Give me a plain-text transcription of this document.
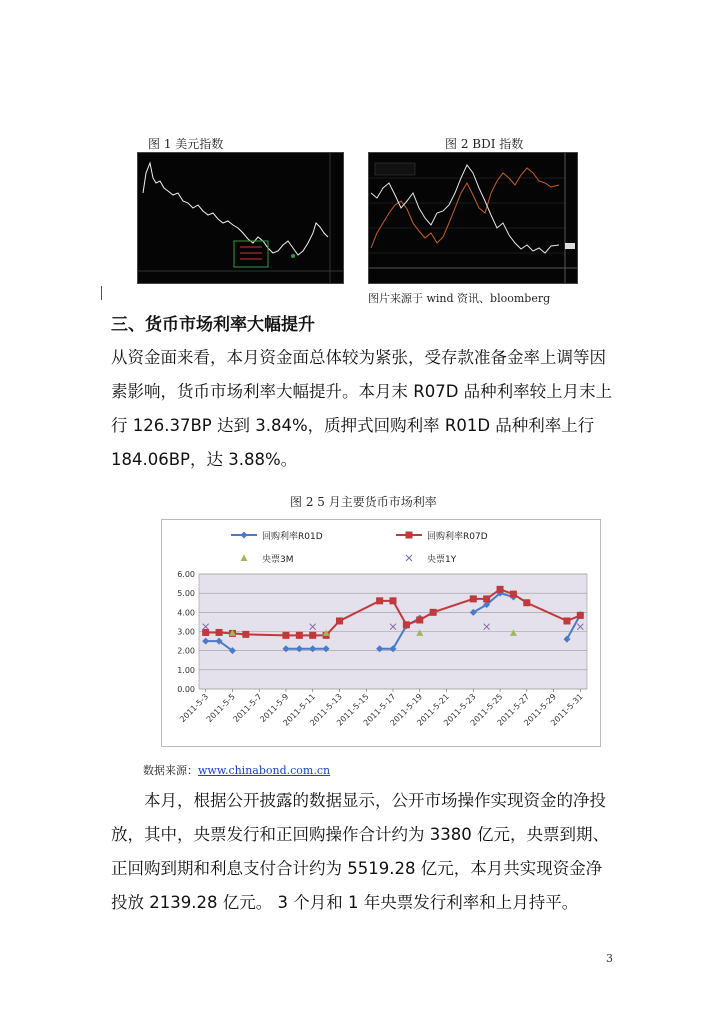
图 1 美元指数	图 2 BDI 指数
图片来源于 wind 资讯、bloomberg

三、货币市场利率大幅提升

从资金面来看，本月资金面总体较为紧张，受存款准备金率上调等因素影响，货币市场利率大幅提升。本月末 R07D 品种利率较上月末上行 126.37BP 达到 3.84%，质押式回购利率 R01D 品种利率上行 184.06BP，达 3.88%。

图 2 5 月主要货币市场利率
0.00
1.00
2.00
3.00
4.00
5.00
6.00
2011-5-3
2011-5-5
2011-5-7
2011-5-9
2011-5-11
2011-5-13
2011-5-15
2011-5-17
2011-5-19
2011-5-21
2011-5-23
2011-5-25
2011-5-27
2011-5-29
2011-5-31
回购利率R01D	回购利率R07D
央票3M	央票1Y
数据来源：www.chinabond.com.cn

本月，根据公开披露的数据显示，公开市场操作实现资金的净投放，其中，央票发行和正回购操作合计约为 3380 亿元，央票到期、正回购到期和利息支付合计约为 5519.28 亿元，本月共实现资金净投放 2139.28 亿元。 3 个月和 1 年央票发行利率和上月持平。

3
